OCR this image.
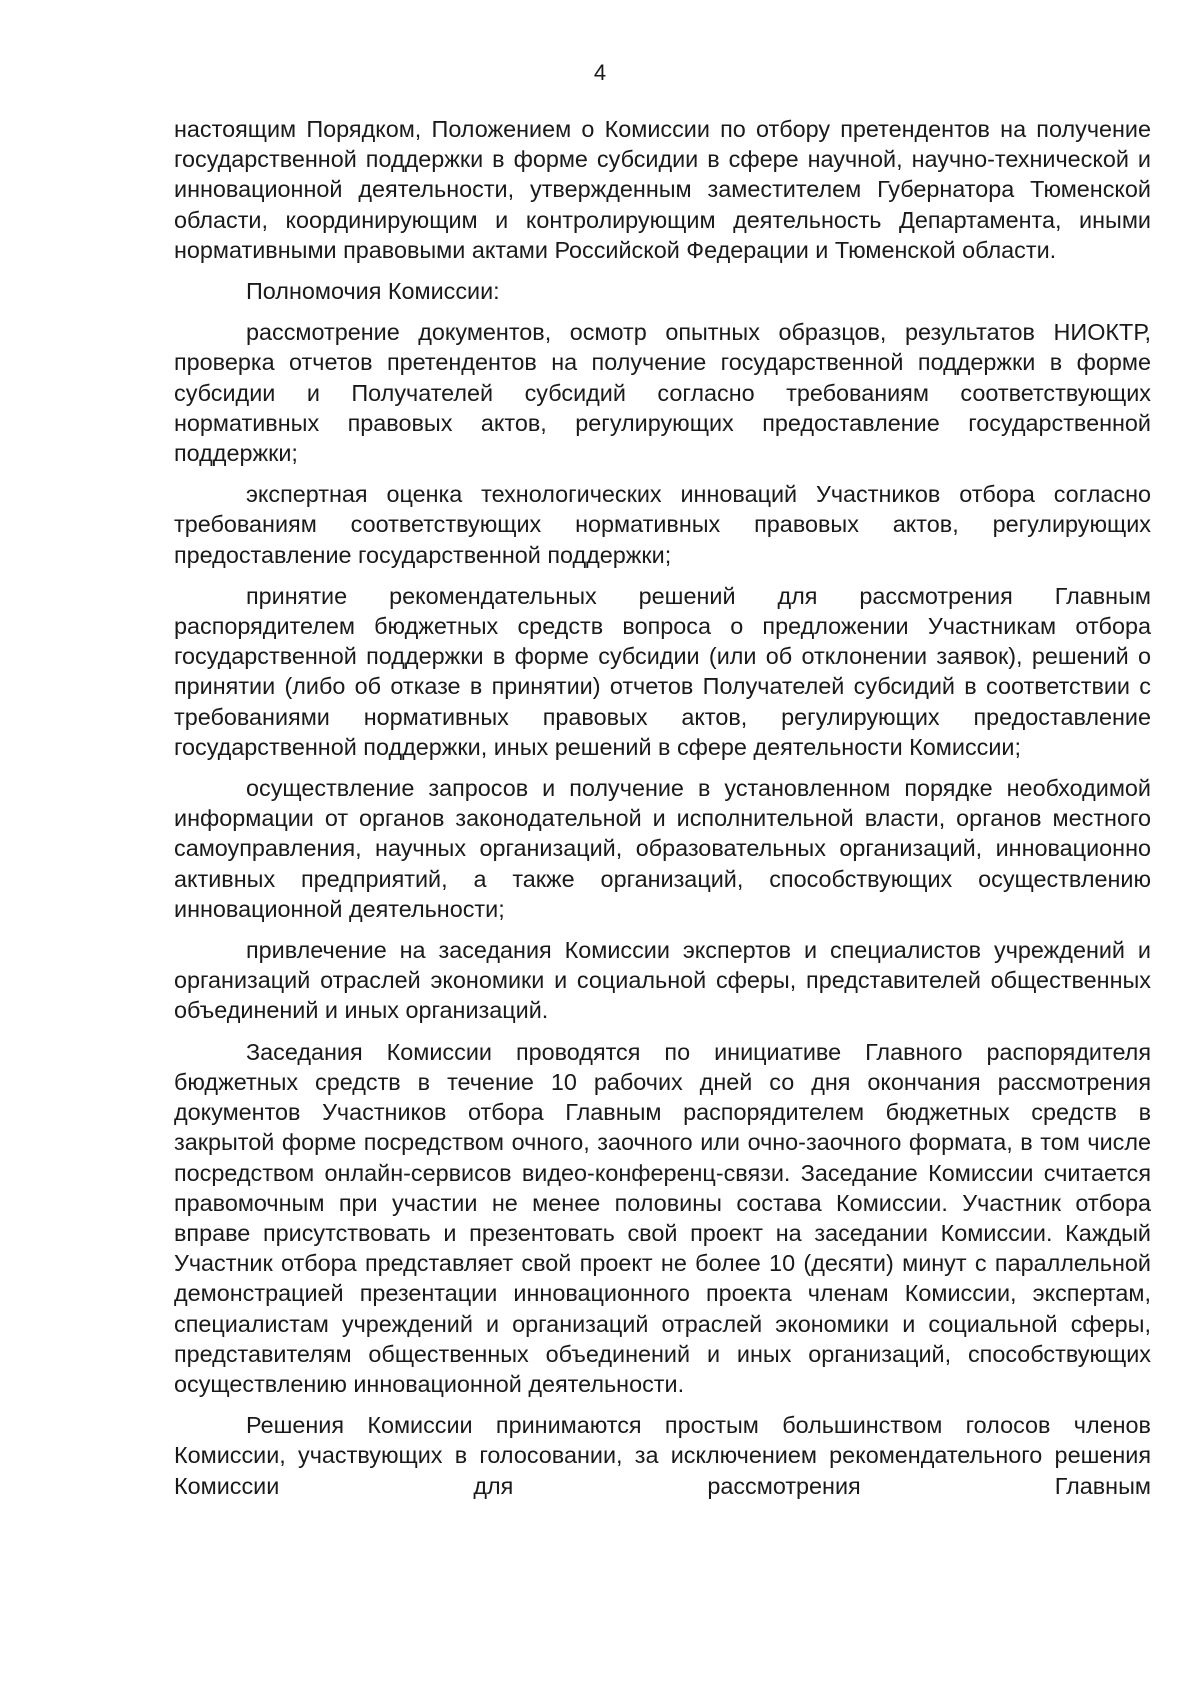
4

настоящим Порядком, Положением о Комиссии по отбору претендентов на получение государственной поддержки в форме субсидии в сфере научной, научно-технической и инновационной деятельности, утвержденным заместителем Губернатора Тюменской области, координирующим и контролирующим деятельность Департамента, иными нормативными правовыми актами Российской Федерации и Тюменской области.

Полномочия Комиссии:

рассмотрение документов, осмотр опытных образцов, результатов НИОКТР, проверка отчетов претендентов на получение государственной поддержки в форме субсидии и Получателей субсидий согласно требованиям соответствующих нормативных правовых актов, регулирующих предоставление государственной поддержки;

экспертная оценка технологических инноваций Участников отбора согласно требованиям соответствующих нормативных правовых актов, регулирующих предоставление государственной поддержки;

принятие рекомендательных решений для рассмотрения Главным распорядителем бюджетных средств вопроса о предложении Участникам отбора государственной поддержки в форме субсидии (или об отклонении заявок), решений о принятии (либо об отказе в принятии) отчетов Получателей субсидий в соответствии с требованиями нормативных правовых актов, регулирующих предоставление государственной поддержки, иных решений в сфере деятельности Комиссии;

осуществление запросов и получение в установленном порядке необходимой информации от органов законодательной и исполнительной власти, органов местного самоуправления, научных организаций, образовательных организаций, инновационно активных предприятий, а также организаций, способствующих осуществлению инновационной деятельности;

привлечение на заседания Комиссии экспертов и специалистов учреждений и организаций отраслей экономики и социальной сферы, представителей общественных объединений и иных организаций.

Заседания Комиссии проводятся по инициативе Главного распорядителя бюджетных средств в течение 10 рабочих дней со дня окончания рассмотрения документов Участников отбора Главным распорядителем бюджетных средств в закрытой форме посредством очного, заочного или очно-заочного формата, в том числе посредством онлайн-сервисов видео-конференц-связи. Заседание Комиссии считается правомочным при участии не менее половины состава Комиссии. Участник отбора вправе присутствовать и презентовать свой проект на заседании Комиссии. Каждый Участник отбора представляет свой проект не более 10 (десяти) минут с параллельной демонстрацией презентации инновационного проекта членам Комиссии, экспертам, специалистам учреждений и организаций отраслей экономики и социальной сферы, представителям общественных объединений и иных организаций, способствующих осуществлению инновационной деятельности.

Решения Комиссии принимаются простым большинством голосов членов Комиссии, участвующих в голосовании, за исключением рекомендательного решения Комиссии для рассмотрения Главным
